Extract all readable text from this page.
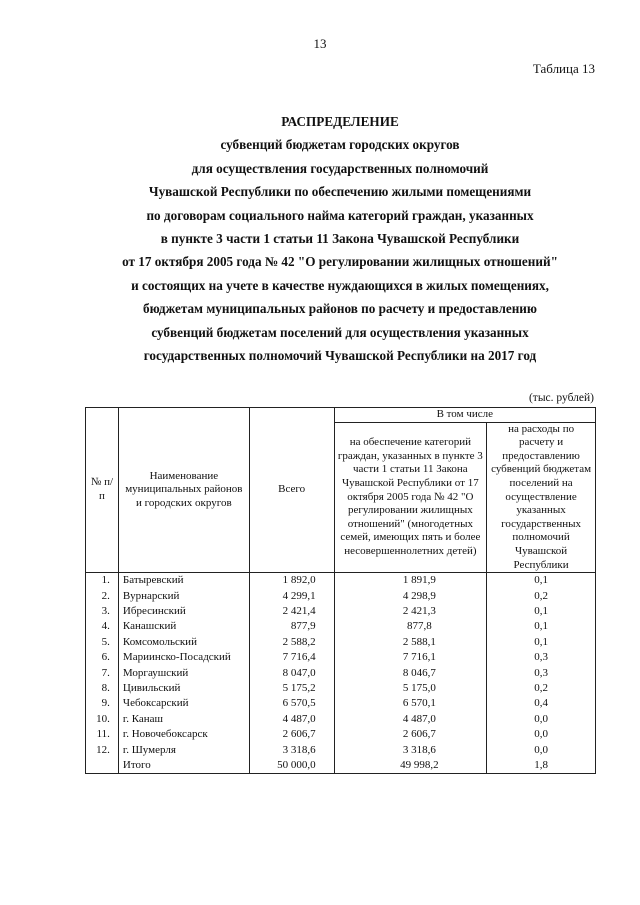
13
Таблица 13
РАСПРЕДЕЛЕНИЕ
субвенций бюджетам городских округов
для осуществления государственных полномочий
Чувашской Республики по обеспечению жилыми помещениями
по договорам социального найма категорий граждан, указанных
в пункте 3 части 1 статьи 11 Закона Чувашской Республики
от 17 октября 2005 года № 42 "О регулировании жилищных отношений"
и состоящих на учете в качестве нуждающихся в жилых помещениях,
бюджетам муниципальных районов по расчету и предоставлению
субвенций бюджетам поселений для осуществления указанных
государственных полномочий Чувашской Республики на 2017 год
(тыс. рублей)
№ п/п	Наименование муниципальных районов и городских округов	Всего	В том числе	
			на обеспечение категорий граждан, указанных в пункте 3 части 1 статьи 11 Закона Чувашской Республики от 17 октября 2005 года № 42 "О регулировании жилищных отношений" (многодетных семей, имеющих пять и более несовершеннолетних детей)	на расходы по расчету и предоставлению субвенций бюджетам поселений на осуществление указанных государственных полномочий Чувашской Республики
1.	Батыревский	1 892,0	1 891,9	0,1
2.	Вурнарский	4 299,1	4 298,9	0,2
3.	Ибресинский	2 421,4	2 421,3	0,1
4.	Канашский	877,9	877,8	0,1
5.	Комсомольский	2 588,2	2 588,1	0,1
6.	Мариинско-Посадский	7 716,4	7 716,1	0,3
7.	Моргаушский	8 047,0	8 046,7	0,3
8.	Цивильский	5 175,2	5 175,0	0,2
9.	Чебоксарский	6 570,5	6 570,1	0,4
10.	г. Канаш	4 487,0	4 487,0	0,0
11.	г. Новочебоксарск	2 606,7	2 606,7	0,0
12.	г. Шумерля	3 318,6	3 318,6	0,0
	Итого	50 000,0	49 998,2	1,8
